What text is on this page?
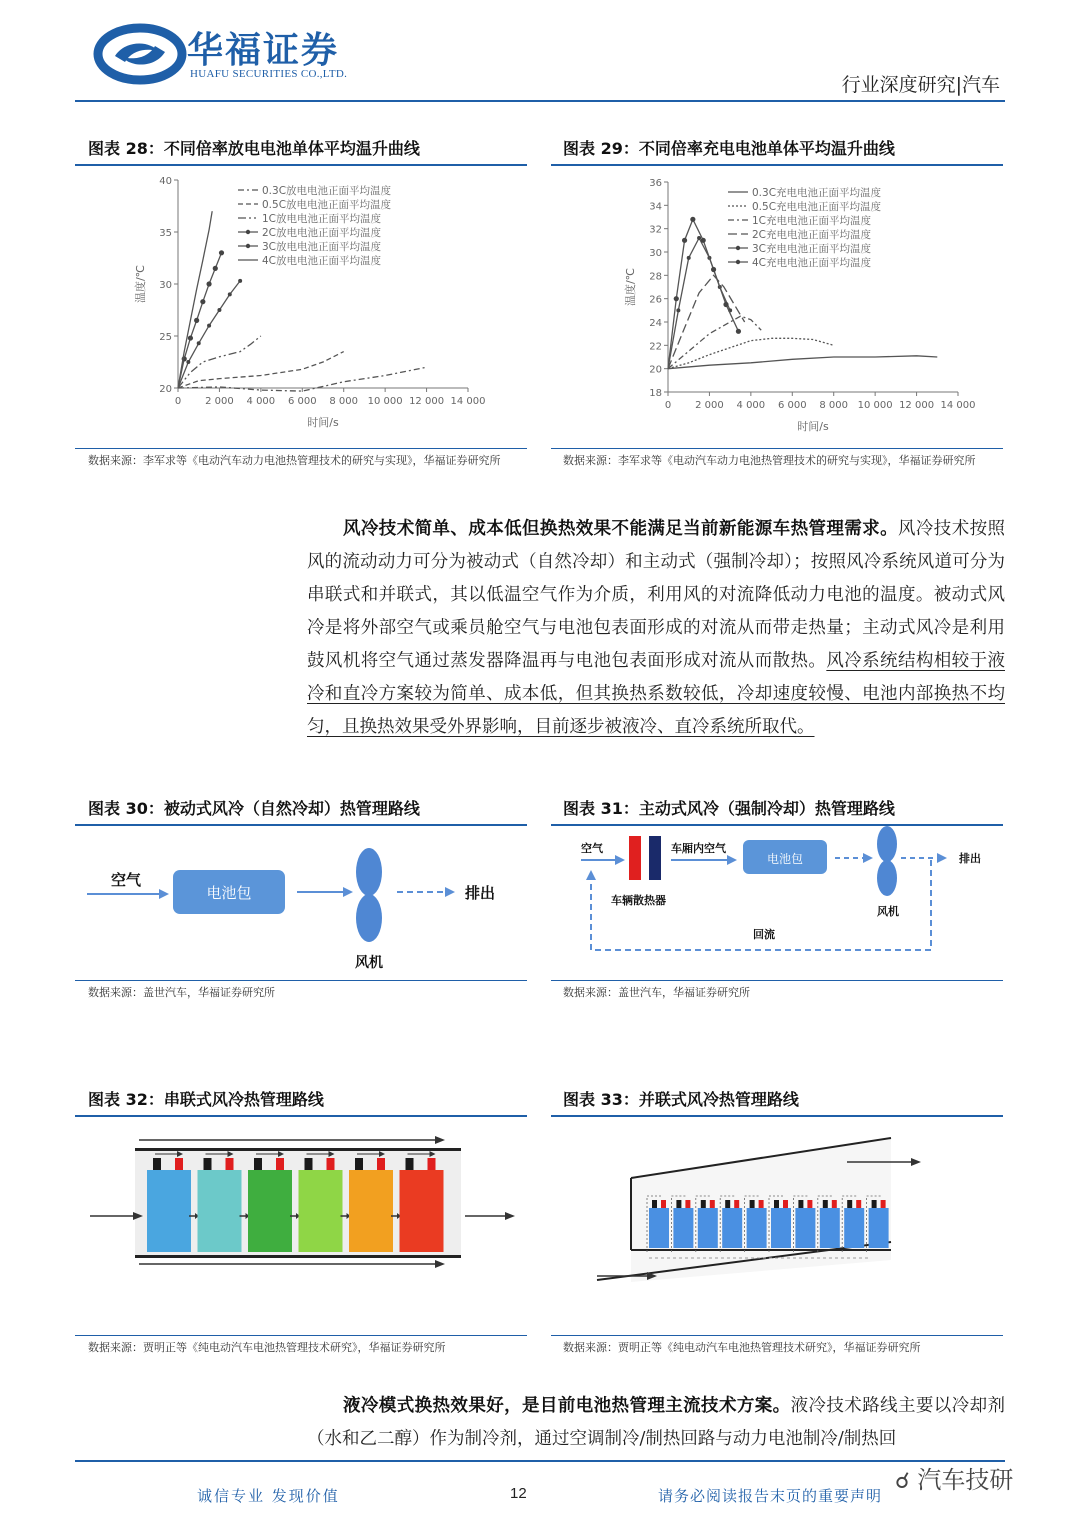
华福证券
HUAFU SECURITIES CO.,LTD.	行业深度研究|汽车
图表 28：不同倍率放电电池单体平均温升曲线
20
25
30
35
40
0 2 000 4 000 6 000 8 000 10 000 12 000 14 000
时间/s
温度/℃
0.3C放电电池正面平均温度
0.5C放电电池正面平均温度
1C放电电池正面平均温度
2C放电电池正面平均温度
3C放电电池正面平均温度
4C放电电池正面平均温度
数据来源：李军求等《电动汽车动力电池热管理技术的研究与实现》，华福证券研究所
图表 29：不同倍率充电电池单体平均温升曲线
18
20
22
24
26
28
30
32
34
36
0 2 000 4 000 6 000 8 000 10 000 12 000 14 000
时间/s
温度/℃
0.3C充电电池正面平均温度
0.5C充电电池正面平均温度
1C充电电池正面平均温度
2C充电电池正面平均温度
3C充电电池正面平均温度
4C充电电池正面平均温度
数据来源：李军求等《电动汽车动力电池热管理技术的研究与实现》，华福证券研究所
风冷技术简单、成本低但换热效果不能满足当前新能源车热管理需求。风冷技术按照风的流动动力可分为被动式（自然冷却）和主动式（强制冷却）；按照风冷系统风道可分为串联式和并联式，其以低温空气作为介质，利用风的对流降低动力电池的温度。被动式风冷是将外部空气或乘员舱空气与电池包表面形成的对流从而带走热量；主动式风冷是利用鼓风机将空气通过蒸发器降温再与电池包表面形成对流从而散热。风冷系统结构相较于液冷和直冷方案较为简单、成本低，但其换热系数较低，冷却速度较慢、电池内部换热不均匀，且换热效果受外界影响，目前逐步被液冷、直冷系统所取代。
图表 30：被动式风冷（自然冷却）热管理路线
空气
电池包	排出
风机
数据来源：盖世汽车，华福证券研究所
图表 31：主动式风冷（强制冷却）热管理路线
空气	车厢内空气
电池包	排出
车辆散热器
风机
回流
数据来源：盖世汽车，华福证券研究所
图表 32：串联式风冷热管理路线
数据来源：贾明正等《纯电动汽车电池热管理技术研究》，华福证券研究所
图表 33：并联式风冷热管理路线
数据来源：贾明正等《纯电动汽车电池热管理技术研究》，华福证券研究所
液冷模式换热效果好，是目前电池热管理主流技术方案。液冷技术路线主要以冷却剂（水和乙二醇）作为制冷剂，通过空调制冷/制热回路与动力电池制冷/制热回
诚信专业 发现价值	12	请务必阅读报告末页的重要声明
☌ 汽车技研
